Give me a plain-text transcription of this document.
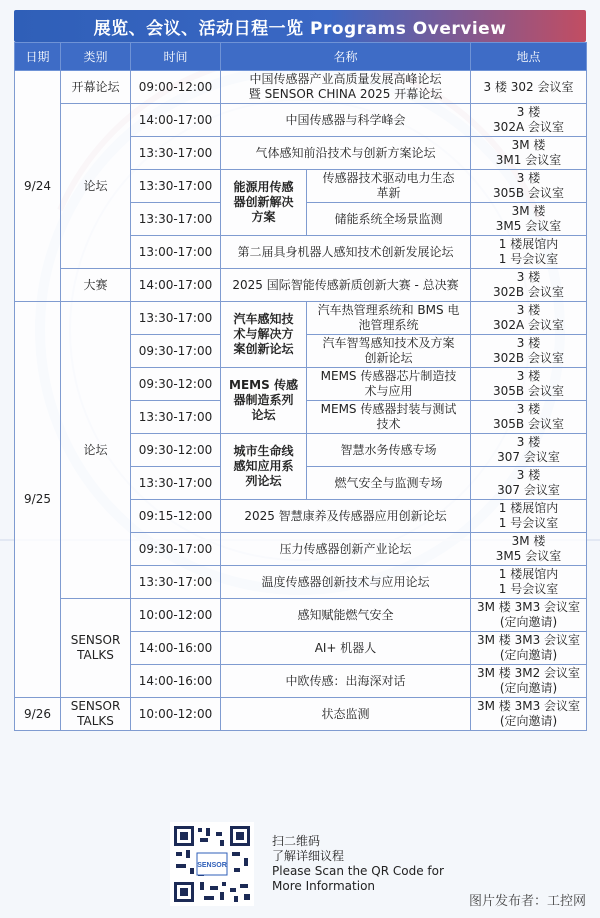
展览、会议、活动日程一览 Programs Overview
日期	类别	时间	名称		地点
9/24	开幕论坛	09:00-12:00	中国传感器产业高质量发展高峰论坛
暨 SENSOR CHINA 2025 开幕论坛		3 楼 302 会议室
	论坛	14:00-17:00	中国传感器与科学峰会		3 楼
302A 会议室
		13:30-17:00	气体感知前沿技术与创新方案论坛		3M 楼
3M1 会议室
		13:30-17:00	能源用传感
器创新解决
方案	传感器技术驱动电力生态
革新	3 楼
305B 会议室
		13:30-17:00		储能系统全场景监测	3M 楼
3M5 会议室
		13:00-17:00	第二届具身机器人感知技术创新发展论坛		1 楼展馆内
1 号会议室
	大赛	14:00-17:00	2025 国际智能传感新质创新大赛 - 总决赛		3 楼
302B 会议室
9/25	论坛	13:30-17:00	汽车感知技
术与解决方
案创新论坛	汽车热管理系统和 BMS 电
池管理系统	3 楼
302A 会议室
		09:30-17:00		汽车智驾感知技术及方案
创新论坛	3 楼
302B 会议室
		09:30-12:00	MEMS 传感
器制造系列
论坛	MEMS 传感器芯片制造技
术与应用	3 楼
305B 会议室
		13:30-17:00		MEMS 传感器封装与测试
技术	3 楼
305B 会议室
		09:30-12:00	城市生命线
感知应用系
列论坛	智慧水务传感专场	3 楼
307 会议室
		13:30-17:00		燃气安全与监测专场	3 楼
307 会议室
		09:15-12:00	2025 智慧康养及传感器应用创新论坛		1 楼展馆内
1 号会议室
		09:30-17:00	压力传感器创新产业论坛		3M 楼
3M5 会议室
		13:30-17:00	温度传感器创新技术与应用论坛		1 楼展馆内
1 号会议室
	SENSOR
TALKS	10:00-12:00	感知赋能燃气安全		3M 楼 3M3 会议室
(定向邀请)
		14:00-16:00	AI+ 机器人		3M 楼 3M3 会议室
(定向邀请)
		14:00-16:00	中欧传感：出海深对话		3M 楼 3M2 会议室
(定向邀请)
9/26	SENSOR
TALKS	10:00-12:00	状态监测		3M 楼 3M3 会议室
(定向邀请)
SENSOR
扫二维码
了解详细议程
Please Scan the QR Code for
More Information
图片发布者：工控网
